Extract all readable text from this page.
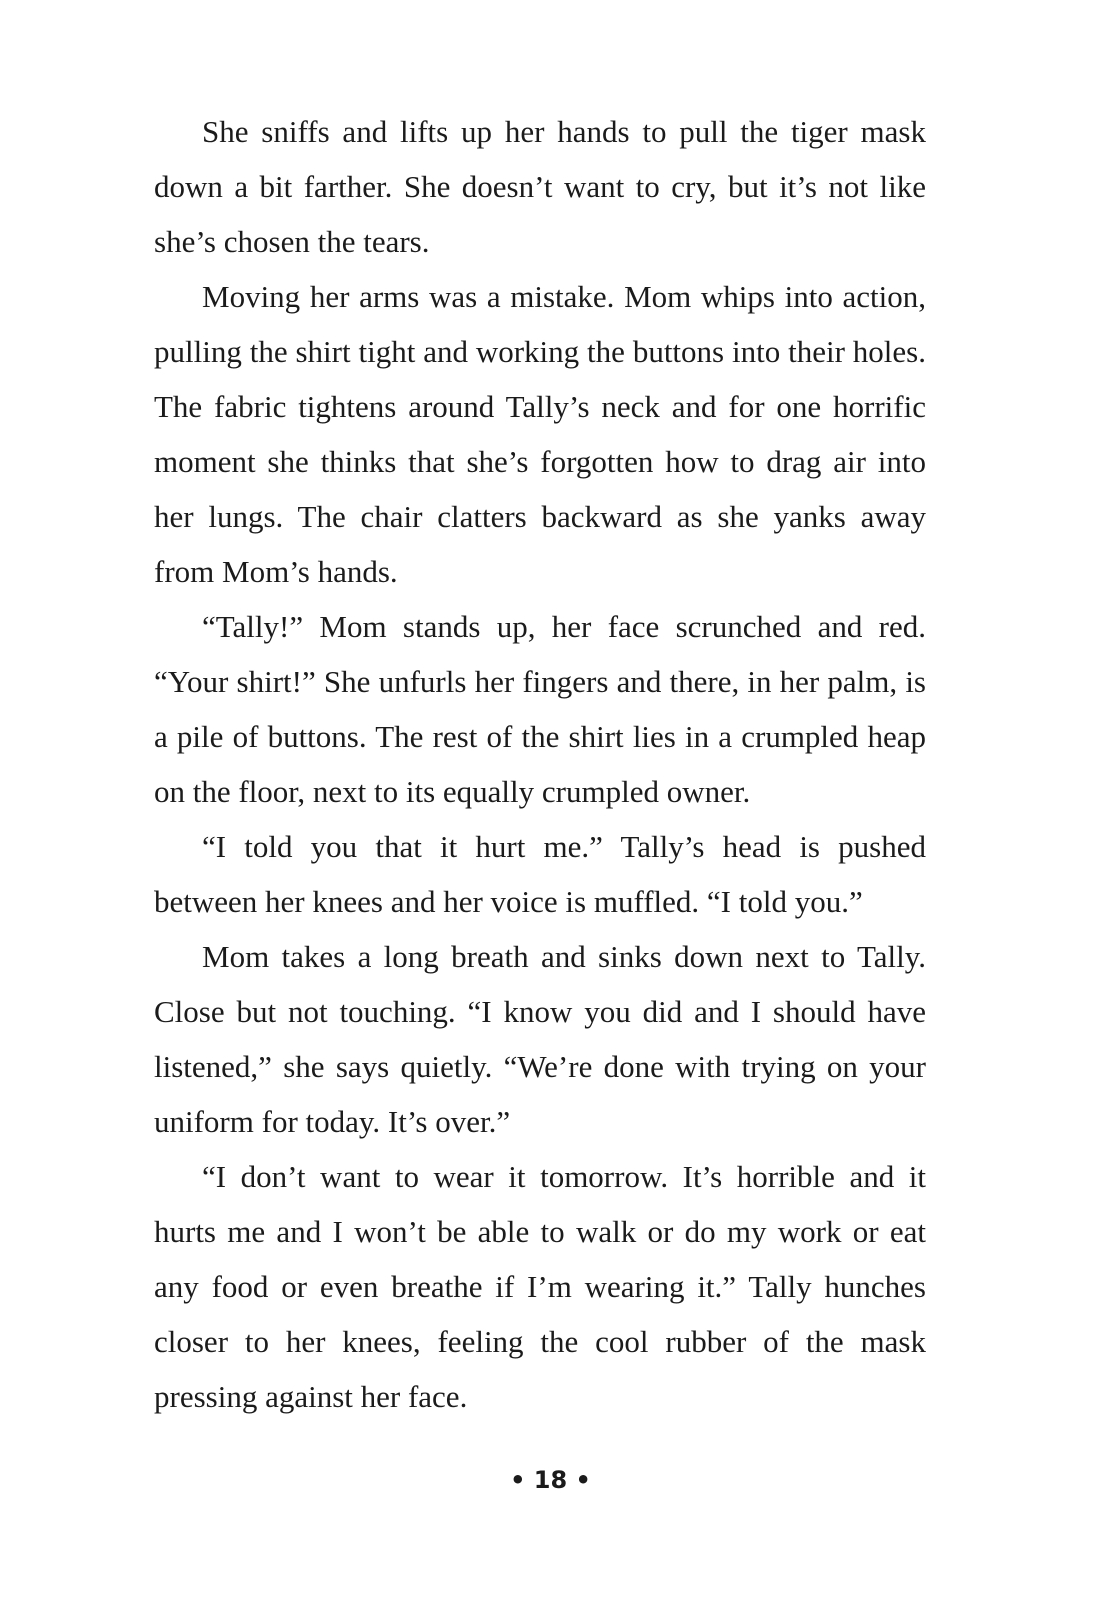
She sniffs and lifts up her hands to pull the tiger mask down a bit farther. She doesn’t want to cry, but it’s not like she’s chosen the tears.

Moving her arms was a mistake. Mom whips into action, pulling the shirt tight and working the buttons into their holes. The fabric tightens around Tally’s neck and for one horrific moment she thinks that she’s forgotten how to drag air into her lungs. The chair clatters backward as she yanks away from Mom’s hands.

“Tally!” Mom stands up, her face scrunched and red. “Your shirt!” She unfurls her fingers and there, in her palm, is a pile of buttons. The rest of the shirt lies in a crumpled heap on the floor, next to its equally crumpled owner.

“I told you that it hurt me.” Tally’s head is pushed between her knees and her voice is muffled. “I told you.”

Mom takes a long breath and sinks down next to Tally. Close but not touching. “I know you did and I should have listened,” she says quietly. “We’re done with trying on your uniform for today. It’s over.”

“I don’t want to wear it tomorrow. It’s horrible and it hurts me and I won’t be able to walk or do my work or eat any food or even breathe if I’m wearing it.” Tally hunches closer to her knees, feeling the cool rubber of the mask pressing against her face.

• 18 •
